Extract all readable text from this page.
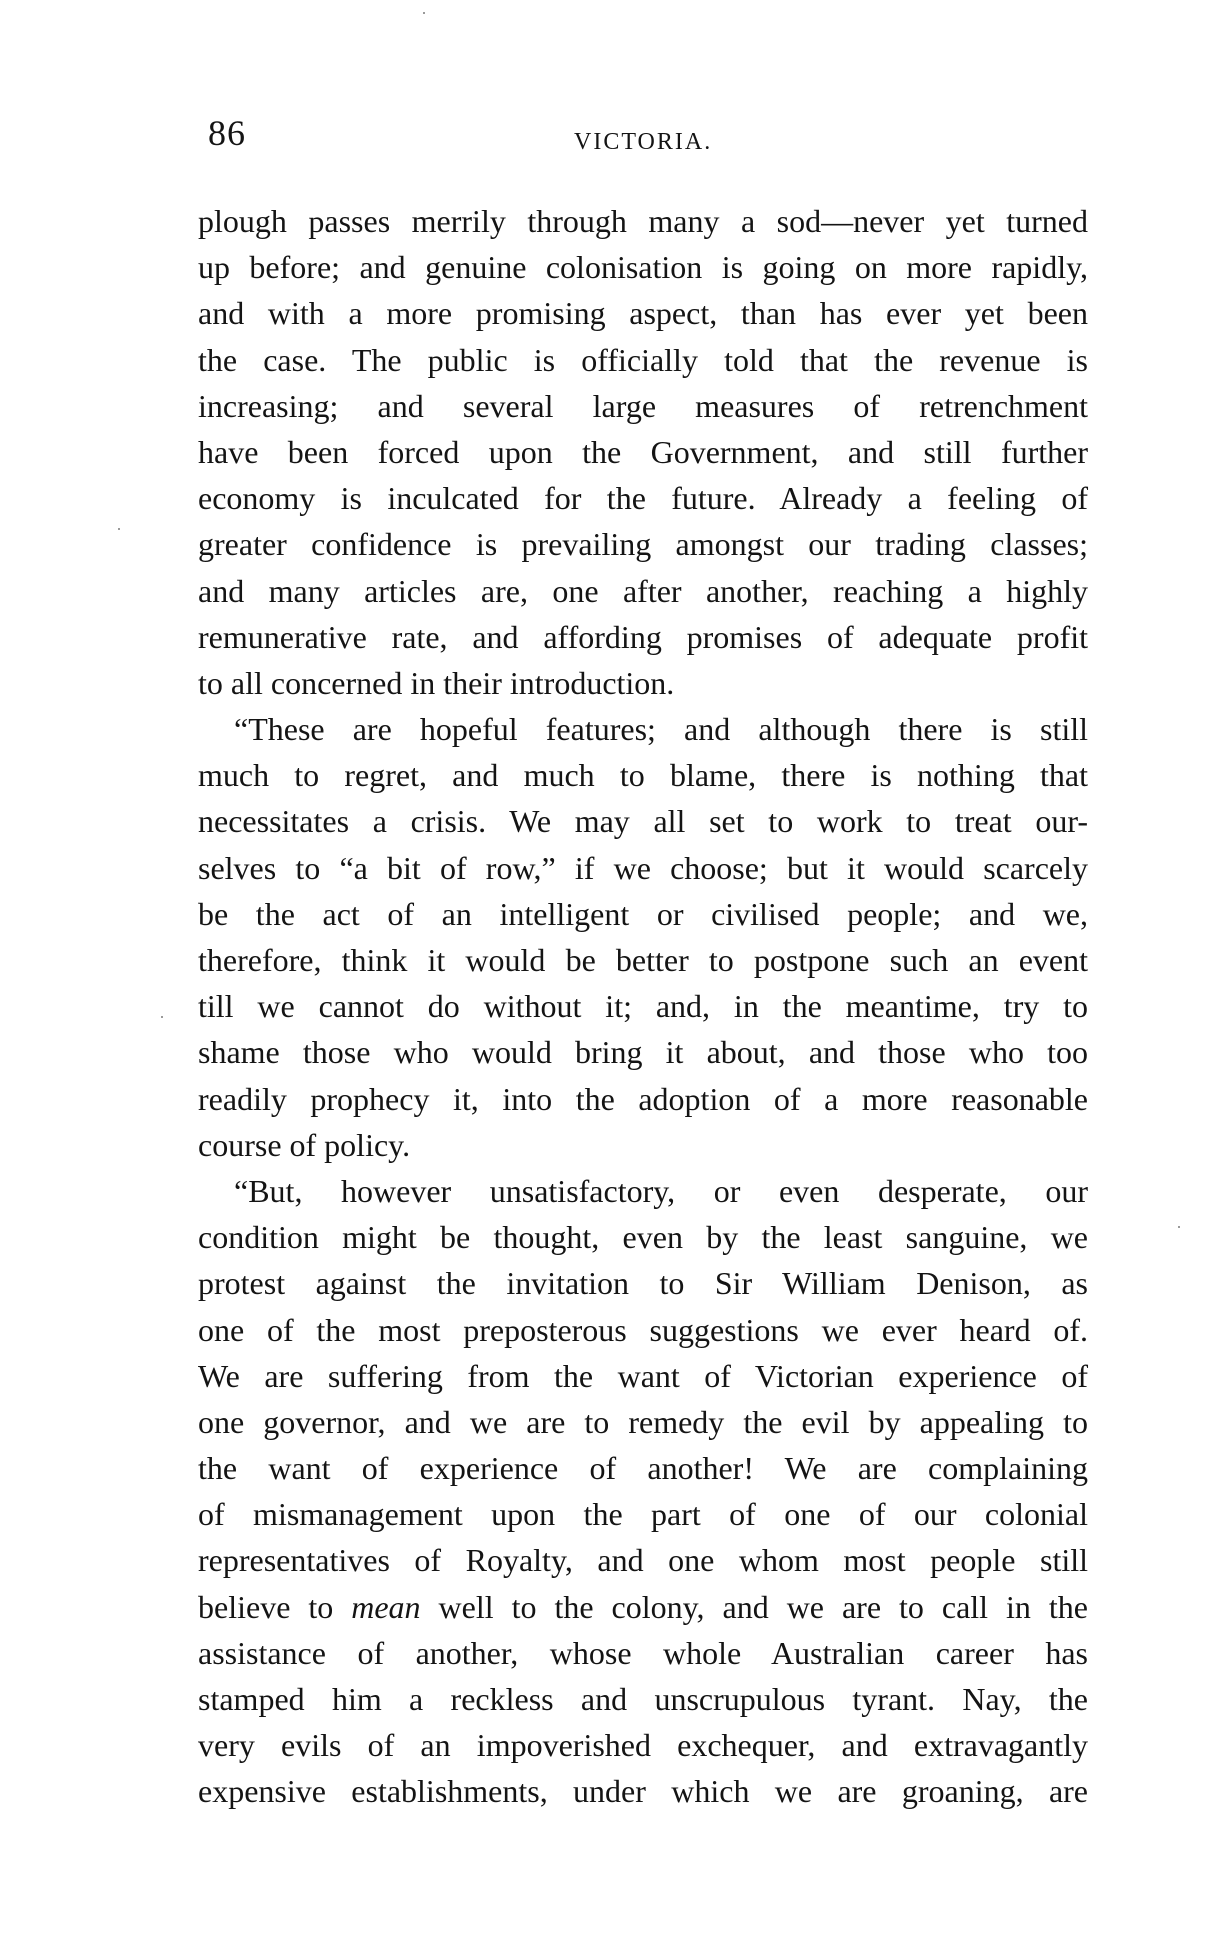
86	VICTORIA.
plough passes merrily through many a sod—never yet turned
up before; and genuine colonisation is going on more rapidly,
and with a more promising aspect, than has ever yet been
the case. The public is officially told that the revenue is
increasing; and several large measures of retrenchment
have been forced upon the Government, and still further
economy is inculcated for the future. Already a feeling of
greater confidence is prevailing amongst our trading classes;
and many articles are, one after another, reaching a highly
remunerative rate, and affording promises of adequate profit
to all concerned in their introduction.
“These are hopeful features; and although there is still
much to regret, and much to blame, there is nothing that
necessitates a crisis. We may all set to work to treat our-
selves to “a bit of row,” if we choose; but it would scarcely
be the act of an intelligent or civilised people; and we,
therefore, think it would be better to postpone such an event
till we cannot do without it; and, in the meantime, try to
shame those who would bring it about, and those who too
readily prophecy it, into the adoption of a more reasonable
course of policy.
“But, however unsatisfactory, or even desperate, our
condition might be thought, even by the least sanguine, we
protest against the invitation to Sir William Denison, as
one of the most preposterous suggestions we ever heard of.
We are suffering from the want of Victorian experience of
one governor, and we are to remedy the evil by appealing to
the want of experience of another! We are complaining
of mismanagement upon the part of one of our colonial
representatives of Royalty, and one whom most people still
believe to mean well to the colony, and we are to call in the
assistance of another, whose whole Australian career has
stamped him a reckless and unscrupulous tyrant. Nay, the
very evils of an impoverished exchequer, and extravagantly
expensive establishments, under which we are groaning, are
